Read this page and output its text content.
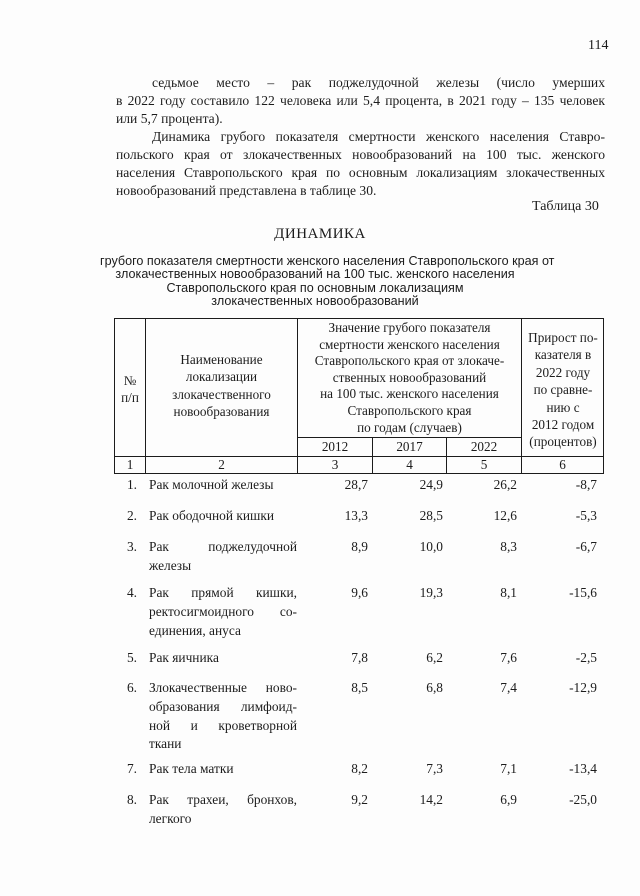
114
седьмое место – рак поджелудочной железы (число умерших
в 2022 году составило 122 человека или 5,4 процента, в 2021 году – 135 человек
или 5,7 процента).
Динамика грубого показателя смертности женского населения Ставро-
польского края от злокачественных новообразований на 100 тыс. женского
населения Ставропольского края по основным локализациям злокачественных
новообразований представлена в таблице 30.
Таблица 30
ДИНАМИКА
грубого показателя смертности женского населения Ставропольского края от
злокачественных новообразований на 100 тыс. женского населения
Ставропольского края по основным локализациям
злокачественных новообразований
№
п/п
Наименование
локализации
злокачественного
новообразования
Значение грубого показателя
смертности женского населения
Ставропольского края от злокаче-
ственных новообразований
на 100 тыс. женского населения
Ставропольского края
по годам (случаев)
2012	2017	2022
Прирост по-
казателя в
2022 году
по сравне-
нию с
2012 годом
(процентов)
1	2	3	4	5	6
1. Рак молочной железы	28,7	24,9	26,2	-8,7
2. Рак ободочной кишки	13,3	28,5	12,6	-5,3
3. Рак поджелудочной
железы
8,9	10,0	8,3	-6,7
4. Рак прямой кишки,
ректосигмоидного со-
единения, ануса
9,6	19,3	8,1	-15,6
5. Рак яичника	7,8	6,2	7,6	-2,5
6. Злокачественные ново-
образования лимфоид-
ной и кроветворной
ткани
8,5	6,8	7,4	-12,9
7. Рак тела матки	8,2	7,3	7,1	-13,4
8. Рак трахеи, бронхов,
легкого
9,2	14,2	6,9	-25,0
